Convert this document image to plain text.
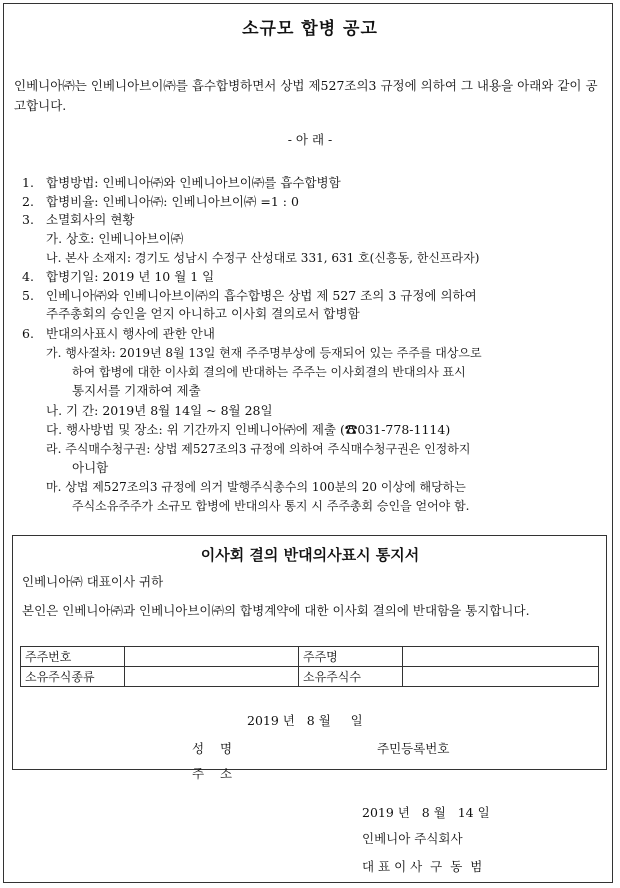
소규모 합병 공고
인베니아㈜는 인베니아브이㈜를 흡수합병하면서 상법 제527조의3 규정에 의하여 그 내용을 아래와 같이 공고합니다.
- 아 래 -
1. 합병방법: 인베니아㈜와 인베니아브이㈜를 흡수합병함
2. 합병비율: 인베니아㈜: 인베니아브이㈜ =1 : 0
3. 소멸회사의 현황
가. 상호: 인베니아브이㈜
나. 본사 소재지: 경기도 성남시 수정구 산성대로 331, 631 호(신흥동, 한신프라자)
4. 합병기일: 2019 년 10 월 1 일
5. 인베니아㈜와 인베니아브이㈜의 흡수합병은 상법 제 527 조의 3 규정에 의하여
주주총회의 승인을 얻지 아니하고 이사회 결의로서 합병함
6. 반대의사표시 행사에 관한 안내
가. 행사절차: 2019년 8월 13일 현재 주주명부상에 등재되어 있는 주주를 대상으로
하여 합병에 대한 이사회 결의에 반대하는 주주는 이사회결의 반대의사 표시
통지서를 기재하여 제출
나. 기 간: 2019년 8월 14일 ~ 8월 28일
다. 행사방법 및 장소: 위 기간까지 인베니아㈜에 제출 (☎031-778-1114)
라. 주식매수청구권: 상법 제527조의3 규정에 의하여 주식매수청구권은 인정하지
아니함
마. 상법 제527조의3 규정에 의거 발행주식총수의 100분의 20 이상에 해당하는
주식소유주주가 소규모 합병에 반대의사 통지 시 주주총회 승인을 얻어야 함.
이사회 결의 반대의사표시 통지서
인베니아㈜ 대표이사 귀하
본인은 인베니아㈜과 인베니아브이㈜의 합병계약에 대한 이사회 결의에 반대함을 통지합니다.
주주번호		주주명	
소유주식종류		소유주식수	
2019 년   8 월     일
성    명	주민등록번호
주    소
2019 년   8 월   14 일
인베니아 주식회사
대 표 이 사  구  동  범
